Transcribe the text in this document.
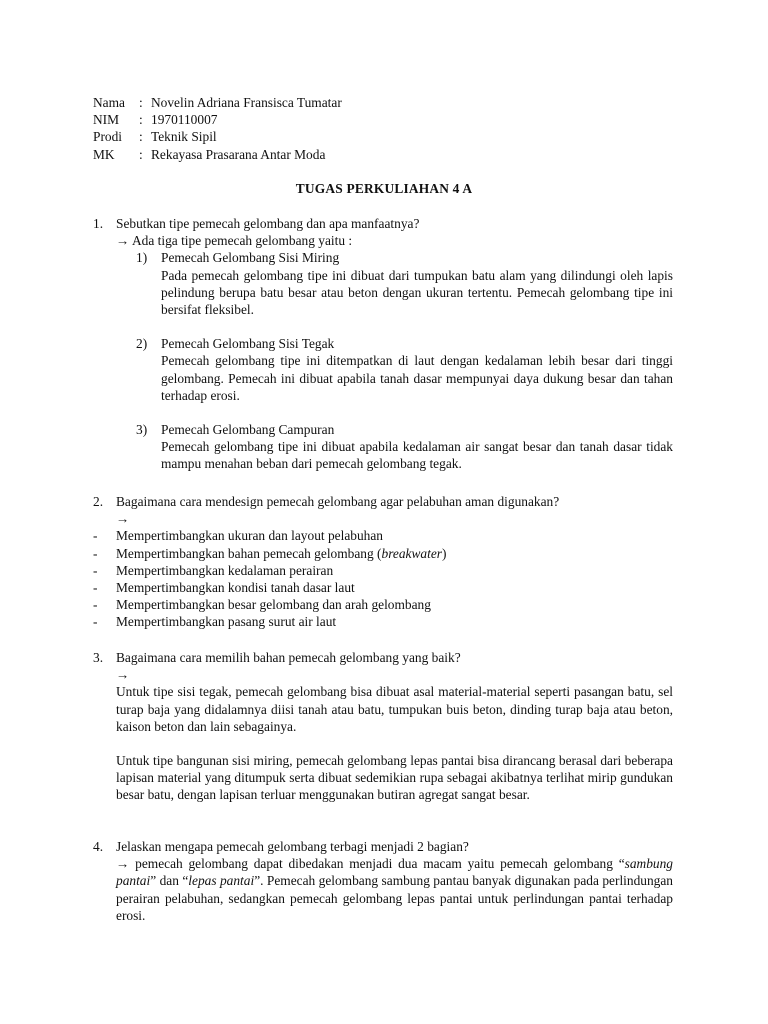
Nama	: Novelin Adriana Fransisca Tumatar
NIM	: 1970110007
Prodi	: Teknik Sipil
MK	: Rekayasa Prasarana Antar Moda
TUGAS PERKULIAHAN 4 A
1. Sebutkan tipe pemecah gelombang dan apa manfaatnya?
→ Ada tiga tipe pemecah gelombang yaitu :
1)	Pemecah Gelombang Sisi Miring
Pada pemecah gelombang tipe ini dibuat dari tumpukan batu alam yang dilindungi oleh lapis pelindung berupa batu besar atau beton dengan ukuran tertentu. Pemecah gelombang tipe ini bersifat fleksibel.
2)	Pemecah Gelombang Sisi Tegak
Pemecah gelombang tipe ini ditempatkan di laut dengan kedalaman lebih besar dari tinggi gelombang. Pemecah ini dibuat apabila tanah dasar mempunyai daya dukung besar dan tahan terhadap erosi.
3)	Pemecah Gelombang Campuran
Pemecah gelombang tipe ini dibuat apabila kedalaman air sangat besar dan tanah dasar tidak mampu menahan beban dari pemecah gelombang tegak.
2. Bagaimana cara mendesign pemecah gelombang agar pelabuhan aman digunakan?
→
-	Mempertimbangkan ukuran dan layout pelabuhan
-	Mempertimbangkan bahan pemecah gelombang (breakwater)
-	Mempertimbangkan kedalaman perairan
-	Mempertimbangkan kondisi tanah dasar laut
-	Mempertimbangkan besar gelombang dan arah gelombang
-	Mempertimbangkan pasang surut air laut
3. Bagaimana cara memilih bahan pemecah gelombang yang baik?
→
Untuk tipe sisi tegak, pemecah gelombang bisa dibuat asal material-material seperti pasangan batu, sel turap baja yang didalamnya diisi tanah atau batu, tumpukan buis beton, dinding turap baja atau beton, kaison beton dan lain sebagainya.
Untuk tipe bangunan sisi miring, pemecah gelombang lepas pantai bisa dirancang berasal dari beberapa lapisan material yang ditumpuk serta dibuat sedemikian rupa sebagai akibatnya terlihat mirip gundukan besar batu, dengan lapisan terluar menggunakan butiran agregat sangat besar.
4. Jelaskan mengapa pemecah gelombang terbagi menjadi 2 bagian?
→ pemecah gelombang dapat dibedakan menjadi dua macam yaitu pemecah gelombang “sambung pantai” dan “lepas pantai”. Pemecah gelombang sambung pantau banyak digunakan pada perlindungan perairan pelabuhan, sedangkan pemecah gelombang lepas pantai untuk perlindungan pantai terhadap erosi.
